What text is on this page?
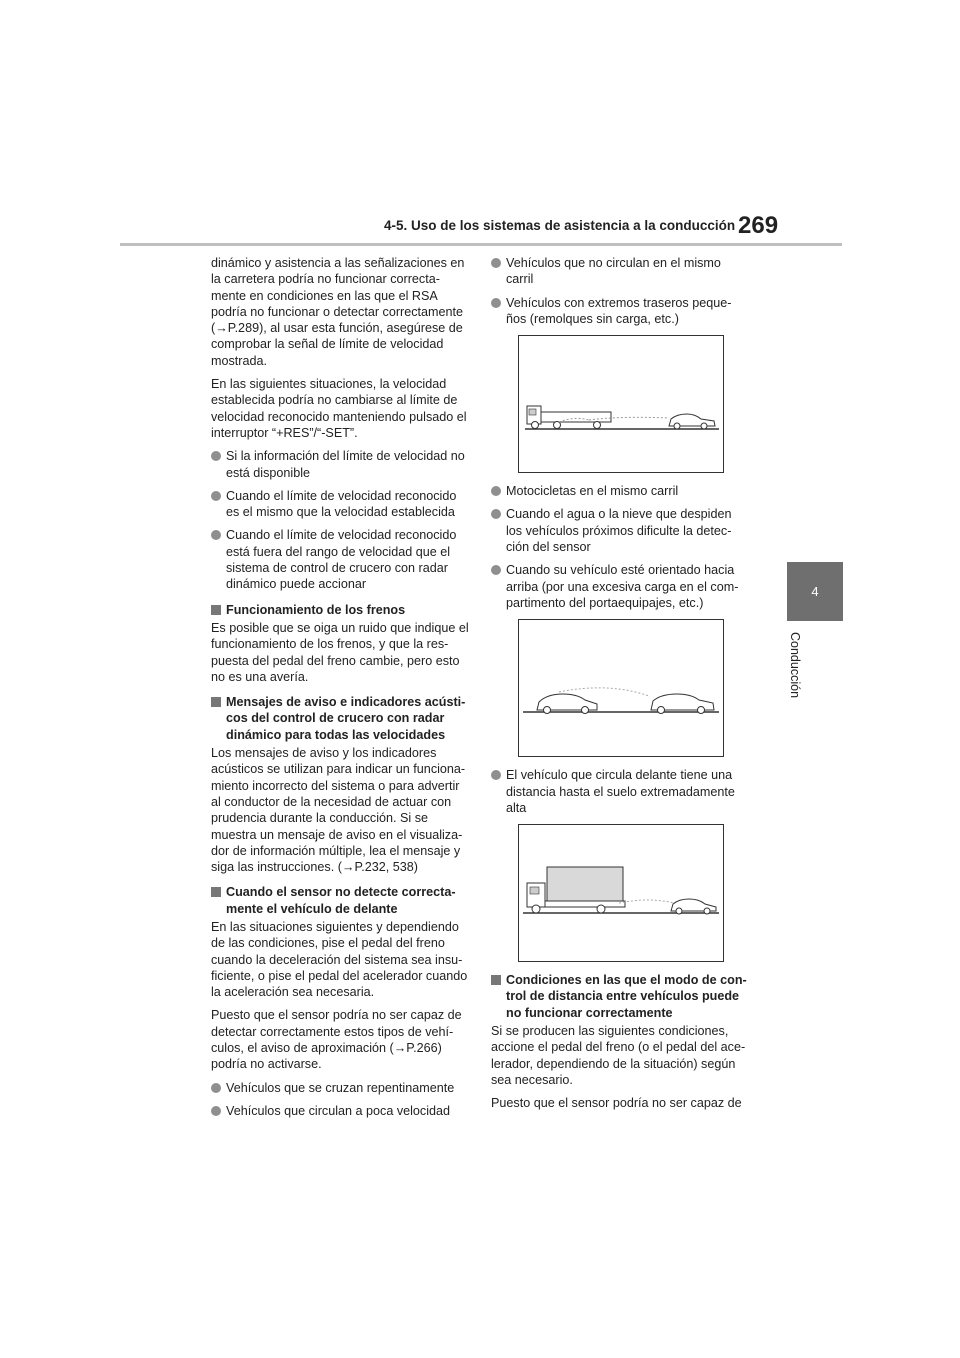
4-5. Uso de los sistemas de asistencia a la conducción 269
4
Conducción

dinámico y asistencia a las señalizaciones en la carretera podría no funcionar correcta- mente en condiciones en las que el RSA podría no funcionar o detectar correctamente (→P.289), al usar esta función, asegúrese de comprobar la señal de límite de velocidad mostrada.

En las siguientes situaciones, la velocidad establecida podría no cambiarse al límite de velocidad reconocido manteniendo pulsado el interruptor “+RES”/“-SET”.

Si la información del límite de velocidad no está disponible
Cuando el límite de velocidad reconocido es el mismo que la velocidad establecida
Cuando el límite de velocidad reconocido está fuera del rango de velocidad que el sistema de control de crucero con radar dinámico puede accionar
Funcionamiento de los frenos

Es posible que se oiga un ruido que indique el funcionamiento de los frenos, y que la res- puesta del pedal del freno cambie, pero esto no es una avería.

Mensajes de aviso e indicadores acústi- cos del control de crucero con radar dinámico para todas las velocidades

Los mensajes de aviso y los indicadores acústicos se utilizan para indicar un funciona- miento incorrecto del sistema o para advertir al conductor de la necesidad de actuar con prudencia durante la conducción. Si se muestra un mensaje de aviso en el visualiza- dor de información múltiple, lea el mensaje y siga las instrucciones. (→P.232, 538)

Cuando el sensor no detecte correcta- mente el vehículo de delante

En las situaciones siguientes y dependiendo de las condiciones, pise el pedal del freno cuando la deceleración del sistema sea insu- ficiente, o pise el pedal del acelerador cuando la aceleración sea necesaria.

Puesto que el sensor podría no ser capaz de detectar correctamente estos tipos de vehí- culos, el aviso de aproximación (→P.266) podría no activarse.

Vehículos que se cruzan repentinamente
Vehículos que circulan a poca velocidad
Vehículos que no circulan en el mismo carril
Vehículos con extremos traseros peque- ños (remolques sin carga, etc.)
Motocicletas en el mismo carril
Cuando el agua o la nieve que despiden los vehículos próximos dificulte la detec- ción del sensor
Cuando su vehículo esté orientado hacia arriba (por una excesiva carga en el com- partimento del portaequipajes, etc.)
El vehículo que circula delante tiene una distancia hasta el suelo extremadamente alta
Condiciones en las que el modo de con- trol de distancia entre vehículos puede no funcionar correctamente

Si se producen las siguientes condiciones, accione el pedal del freno (o el pedal del ace- lerador, dependiendo de la situación) según sea necesario.

Puesto que el sensor podría no ser capaz de
